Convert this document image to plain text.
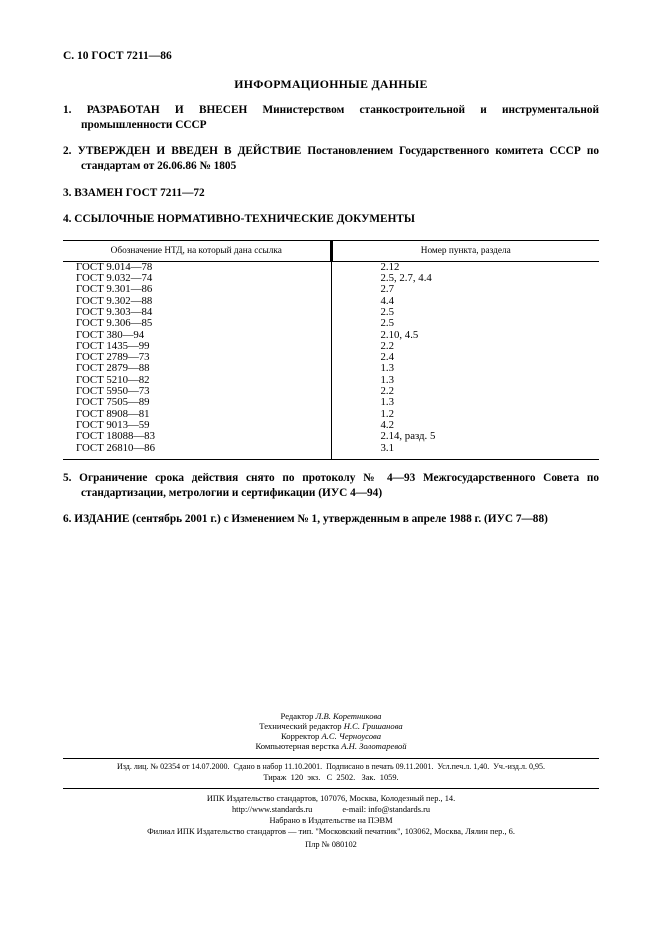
С. 10 ГОСТ 7211—86
ИНФОРМАЦИОННЫЕ ДАННЫЕ
1. РАЗРАБОТАН И ВНЕСЕН Министерством станкостроительной и инструментальной промышленности СССР
2. УТВЕРЖДЕН И ВВЕДЕН В ДЕЙСТВИЕ Постановлением Государственного комитета СССР по стандартам от 26.06.86 № 1805
3. ВЗАМЕН ГОСТ 7211—72
4. ССЫЛОЧНЫЕ НОРМАТИВНО-ТЕХНИЧЕСКИЕ ДОКУМЕНТЫ
Обозначение НТД, на который дана ссылка	Номер пункта, раздела
ГОСТ 9.014—78	2.12
ГОСТ 9.032—74	2.5, 2.7, 4.4
ГОСТ 9.301—86	2.7
ГОСТ 9.302—88	4.4
ГОСТ 9.303—84	2.5
ГОСТ 9.306—85	2.5
ГОСТ 380—94	2.10, 4.5
ГОСТ 1435—99	2.2
ГОСТ 2789—73	2.4
ГОСТ 2879—88	1.3
ГОСТ 5210—82	1.3
ГОСТ 5950—73	2.2
ГОСТ 7505—89	1.3
ГОСТ 8908—81	1.2
ГОСТ 9013—59	4.2
ГОСТ 18088—83	2.14, разд. 5
ГОСТ 26810—86	3.1
5. Ограничение срока действия снято по протоколу № 4—93 Межгосударственного Совета по стандартизации, метрологии и сертификации (ИУС 4—94)
6. ИЗДАНИЕ (сентябрь 2001 г.) с Изменением № 1, утвержденным в апреле 1988 г. (ИУС 7—88)
Редактор Л.В. Коретникова
Технический редактор Н.С. Гришанова
Корректор А.С. Черноусова
Компьютерная верстка А.Н. Золотаревой
Изд. лиц. № 02354 от 14.07.2000.  Сдано в набор 11.10.2001.  Подписано в печать 09.11.2001.  Усл.печ.л. 1,40.  Уч.-изд.л. 0,95.
Тираж  120  экз.   С  2502.   Зак.  1059.
ИПК Издательство стандартов, 107076, Москва, Колодезный пер., 14.
http://www.standards.ru	e-mail: info@standards.ru
Набрано в Издательстве на ПЭВМ
Филиал ИПК Издательство стандартов — тип. "Московский печатник", 103062, Москва, Лялин пер., 6.
Плр № 080102
